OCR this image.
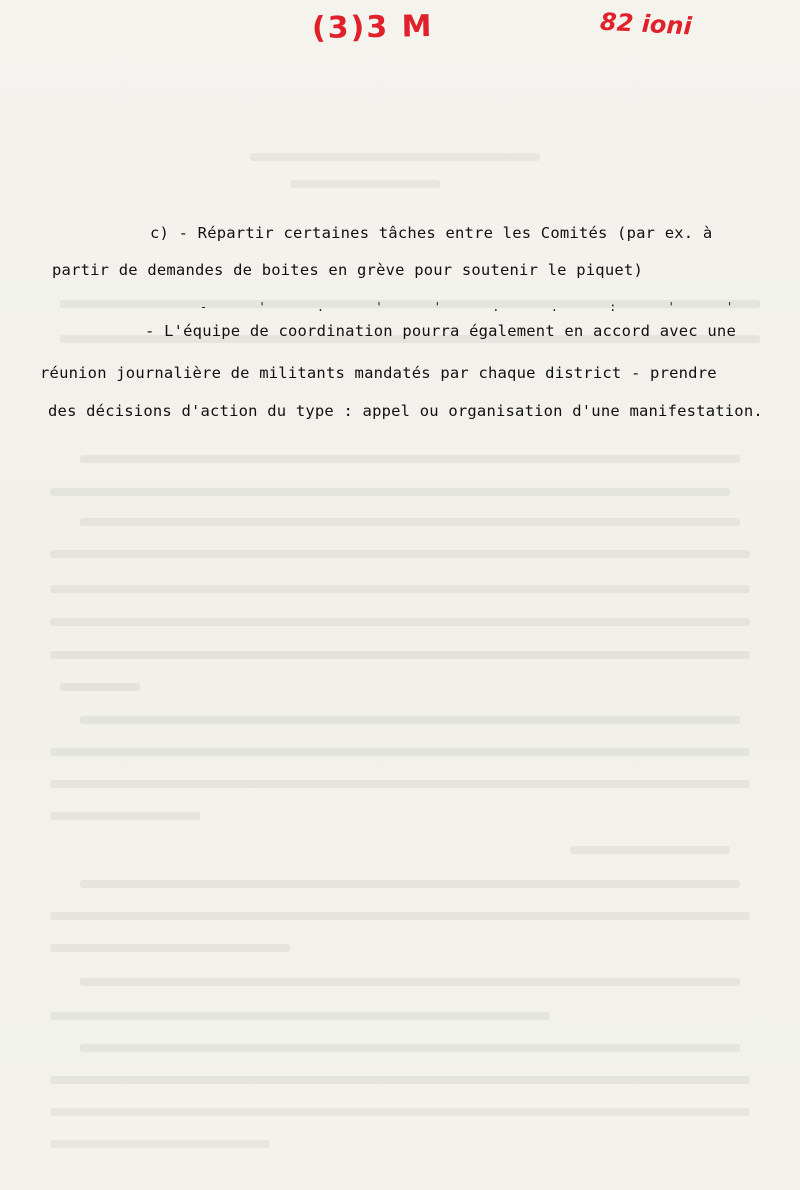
(3)3 M	82 ioni
- ' . ' ' . . : ' '
c) - Répartir certaines tâches entre les Comités (par ex. à
partir de demandes de boites en grève pour soutenir le piquet)
- L'équipe de coordination pourra également en accord avec une
réunion journalière de militants mandatés par chaque district - prendre
des décisions d'action du type : appel ou organisation d'une manifestation.
